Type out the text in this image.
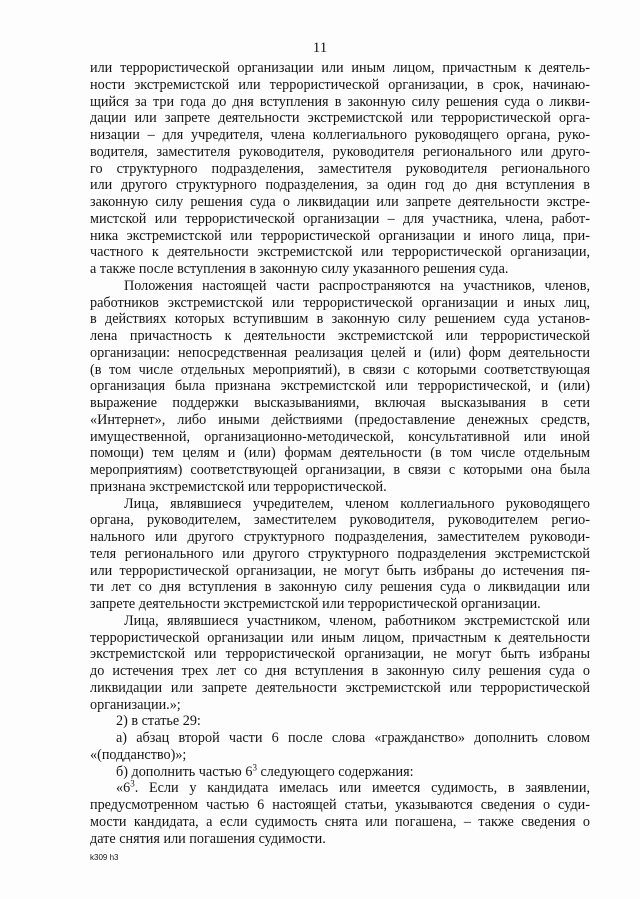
11
или террористической организации или иным лицом, причастным к деятель-
ности экстремистской или террористической организации, в срок, начинаю-
щийся за три года до дня вступления в законную силу решения суда о ликви-
дации или запрете деятельности экстремистской или террористической орга-
низации – для учредителя, члена коллегиального руководящего органа, руко-
водителя, заместителя руководителя, руководителя регионального или друго-
го структурного подразделения, заместителя руководителя регионального
или другого структурного подразделения, за один год до дня вступления в
законную силу решения суда о ликвидации или запрете деятельности экстре-
мистской или террористической организации – для участника, члена, работ-
ника экстремистской или террористической организации и иного лица, при-
частного к деятельности экстремистской или террористической организации,
а также после вступления в законную силу указанного решения суда.
Положения настоящей части распространяются на участников, членов,
работников экстремистской или террористической организации и иных лиц,
в действиях которых вступившим в законную силу решением суда установ-
лена причастность к деятельности экстремистской или террористической
организации: непосредственная реализация целей и (или) форм деятельности
(в том числе отдельных мероприятий), в связи с которыми соответствующая
организация была признана экстремистской или террористической, и (или)
выражение поддержки высказываниями, включая высказывания в сети
«Интернет», либо иными действиями (предоставление денежных средств,
имущественной, организационно-методической, консультативной или иной
помощи) тем целям и (или) формам деятельности (в том числе отдельным
мероприятиям) соответствующей организации, в связи с которыми она была
признана экстремистской или террористической.
Лица, являвшиеся учредителем, членом коллегиального руководящего
органа, руководителем, заместителем руководителя, руководителем регио-
нального или другого структурного подразделения, заместителем руководи-
теля регионального или другого структурного подразделения экстремистской
или террористической организации, не могут быть избраны до истечения пя-
ти лет со дня вступления в законную силу решения суда о ликвидации или
запрете деятельности экстремистской или террористической организации.
Лица, являвшиеся участником, членом, работником экстремистской или
террористической организации или иным лицом, причастным к деятельности
экстремистской или террористической организации, не могут быть избраны
до истечения трех лет со дня вступления в законную силу решения суда о
ликвидации или запрете деятельности экстремистской или террористической
организации.»;
2) в статье 29:
а) абзац второй части 6 после слова «гражданство» дополнить словом
«(подданство)»;
б) дополнить частью $6^3$ следующего содержания:
«$6^3$. Если у кандидата имелась или имеется судимость, в заявлении,
предусмотренном частью 6 настоящей статьи, указываются сведения о суди-
мости кандидата, а если судимость снята или погашена, – также сведения о
дате снятия или погашения судимости.
k309 h3
